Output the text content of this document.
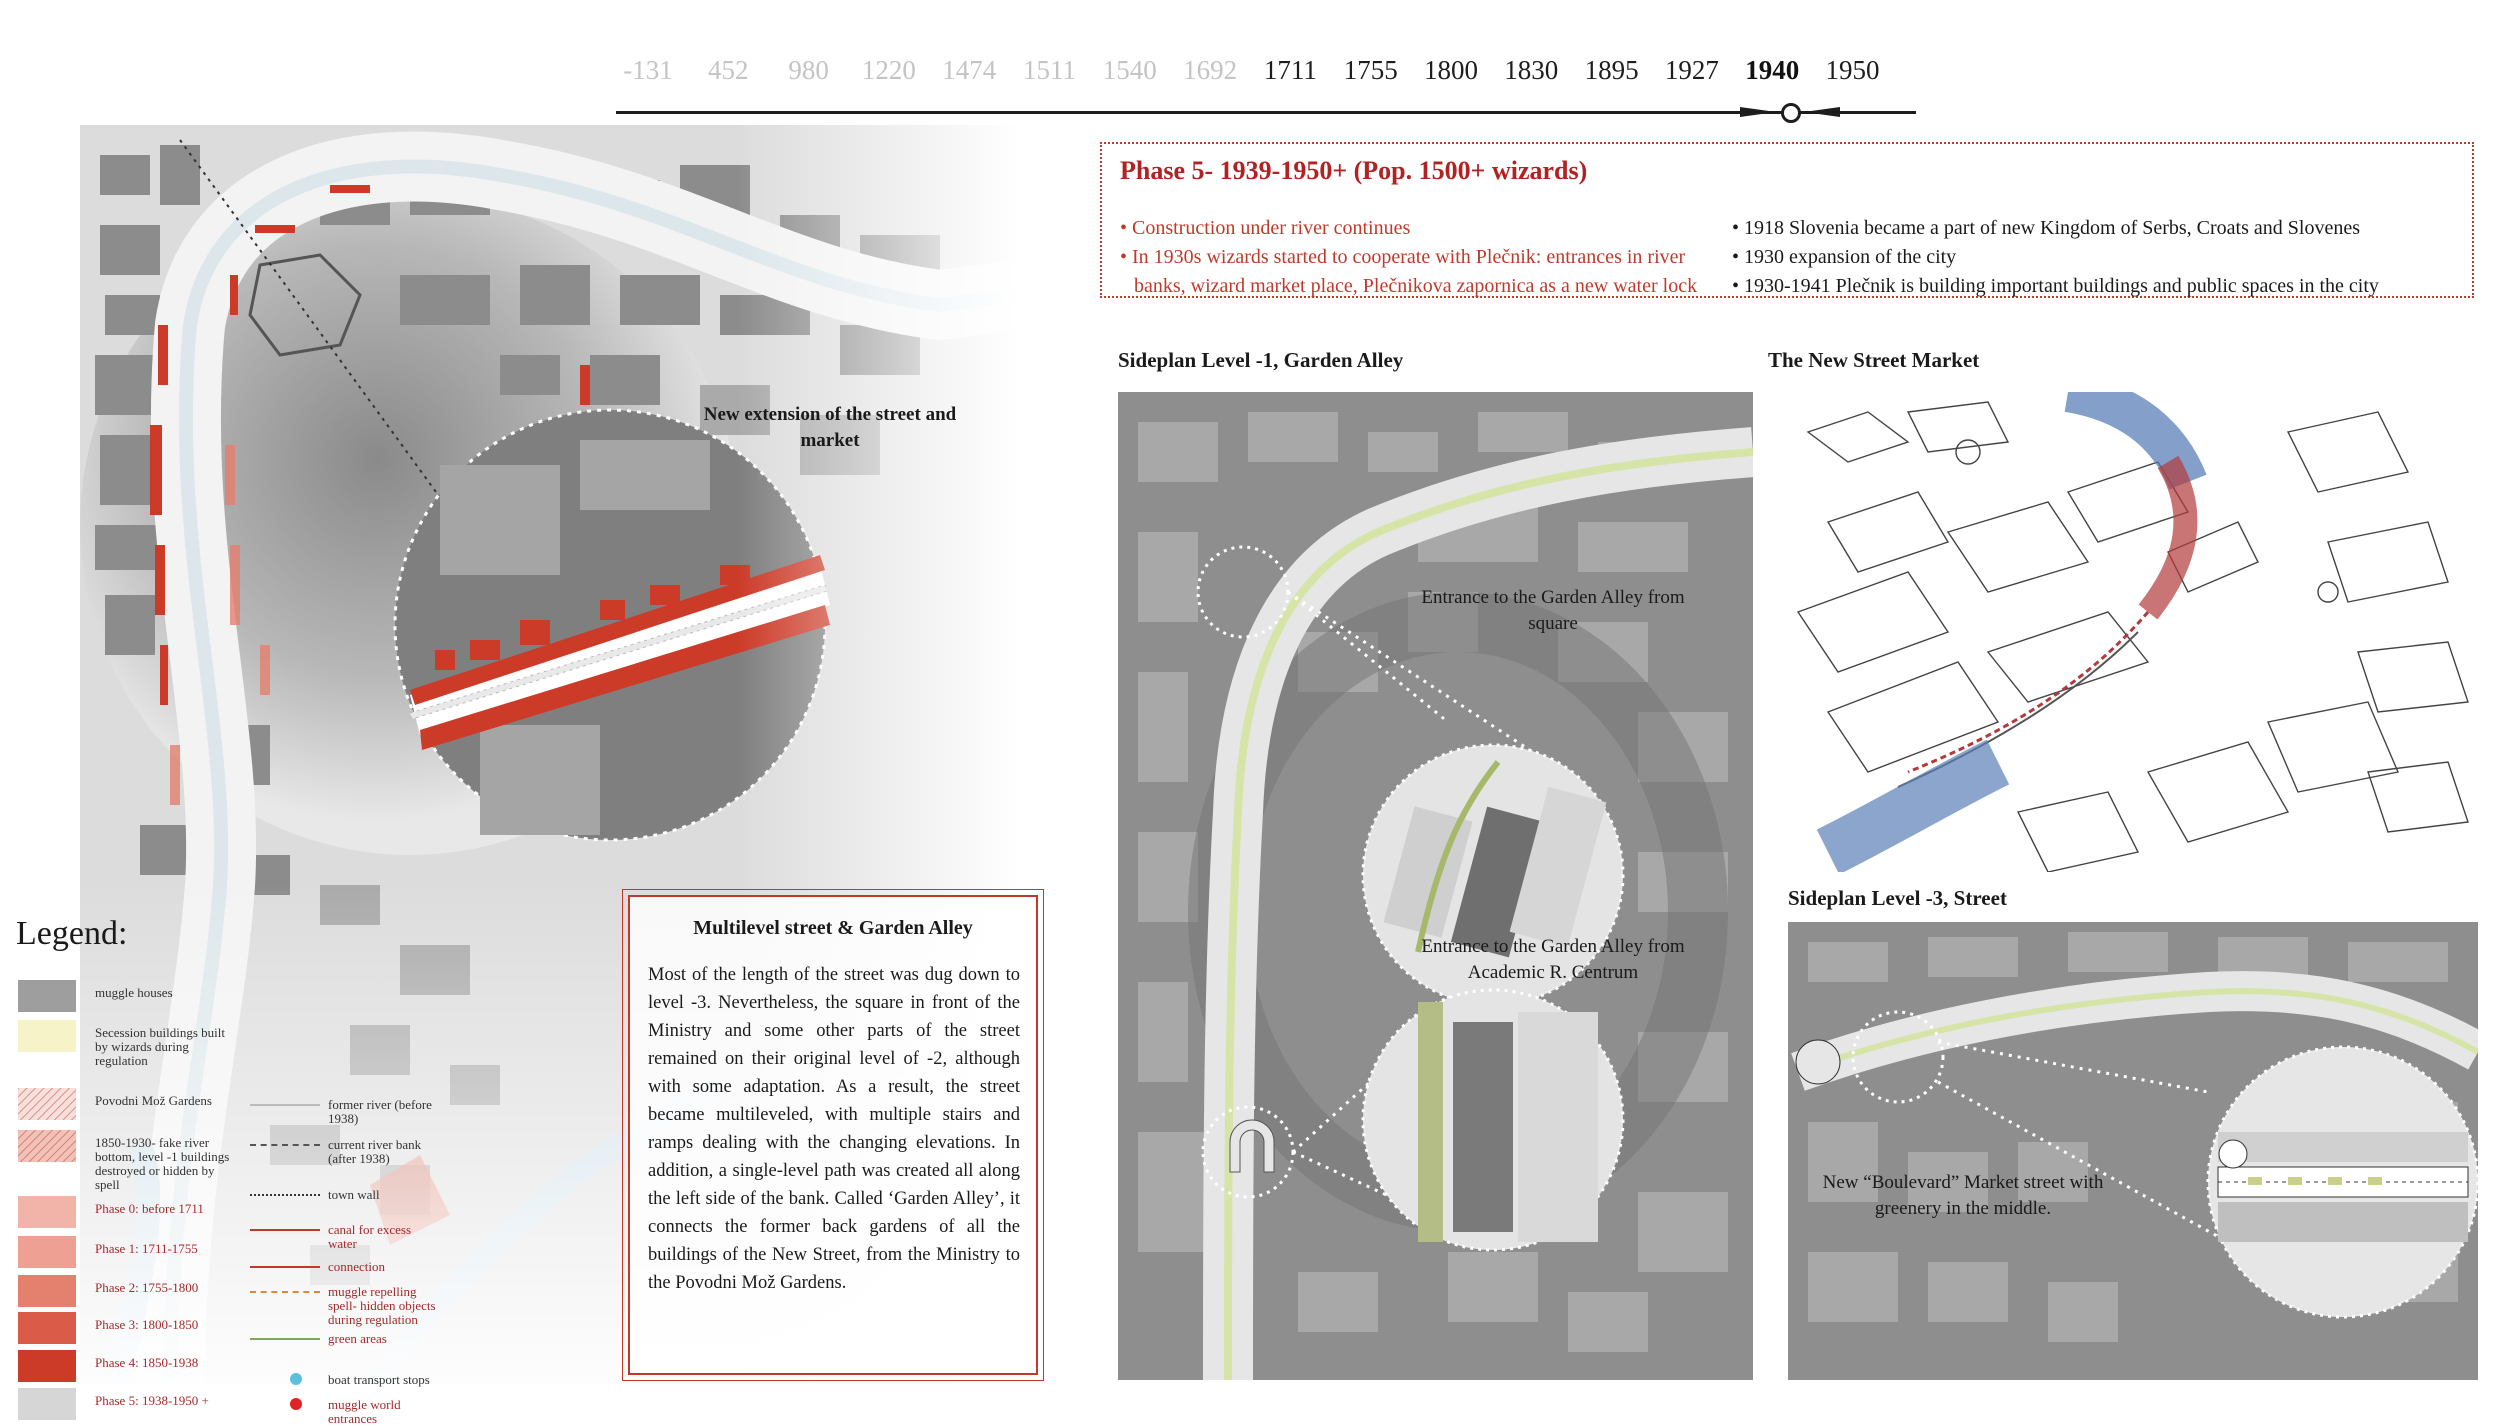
-131 452 980 1220 1474 1511 1540 1692 1711 1755 1800 1830 1895 1927 1940 1950
Phase 5- 1939-1950+ (Pop. 1500+ wizards)
• Construction under river continues
• In 1930s wizards started to cooperate with Plečnik: entrances in river banks, wizard market place, Plečnikova zapornica as a new water lock
• 1918 Slovenia became a part of new Kingdom of Serbs, Croats and Slovenes
• 1930 expansion of the city
• 1930-1941 Plečnik is building important buildings and public spaces in the city
New extension of the street and market
Multilevel street & Garden Alley
Most of the length of the street was dug down to level -3. Nevertheless, the square in front of the Ministry and some other parts of the street remained on their original level of -2, although with some adaptation. As a result, the street became multileveled, with multiple stairs and ramps dealing with the changing elevations. In addition, a single-level path was created all along the left side of the bank. Called ‘Garden Alley’, it connects the former back gardens of all the buildings of the New Street, from the Ministry to the Povodni Mož Gardens.
Legend:
muggle houses
Secession buildings built by wizards during regulation
Povodni Mož Gardens
1850-1930- fake river bottom, level -1 buildings destroyed or hidden by spell
Phase 0: before 1711
Phase 1: 1711-1755
Phase 2: 1755-1800
Phase 3: 1800-1850
Phase 4: 1850-1938
Phase 5: 1938-1950 +
former river (before 1938)
current river bank (after 1938)
town wall
canal for excess water
connection
muggle repelling spell- hidden objects during regulation
green areas
boat transport stops
muggle world entrances
Sideplan Level -1, Garden Alley
Entrance to the Garden Alley from square
Entrance to the Garden Alley from Academic R. Centrum
The New Street Market
Sideplan Level -3, Street
New “Boulevard” Market street with greenery in the middle.
